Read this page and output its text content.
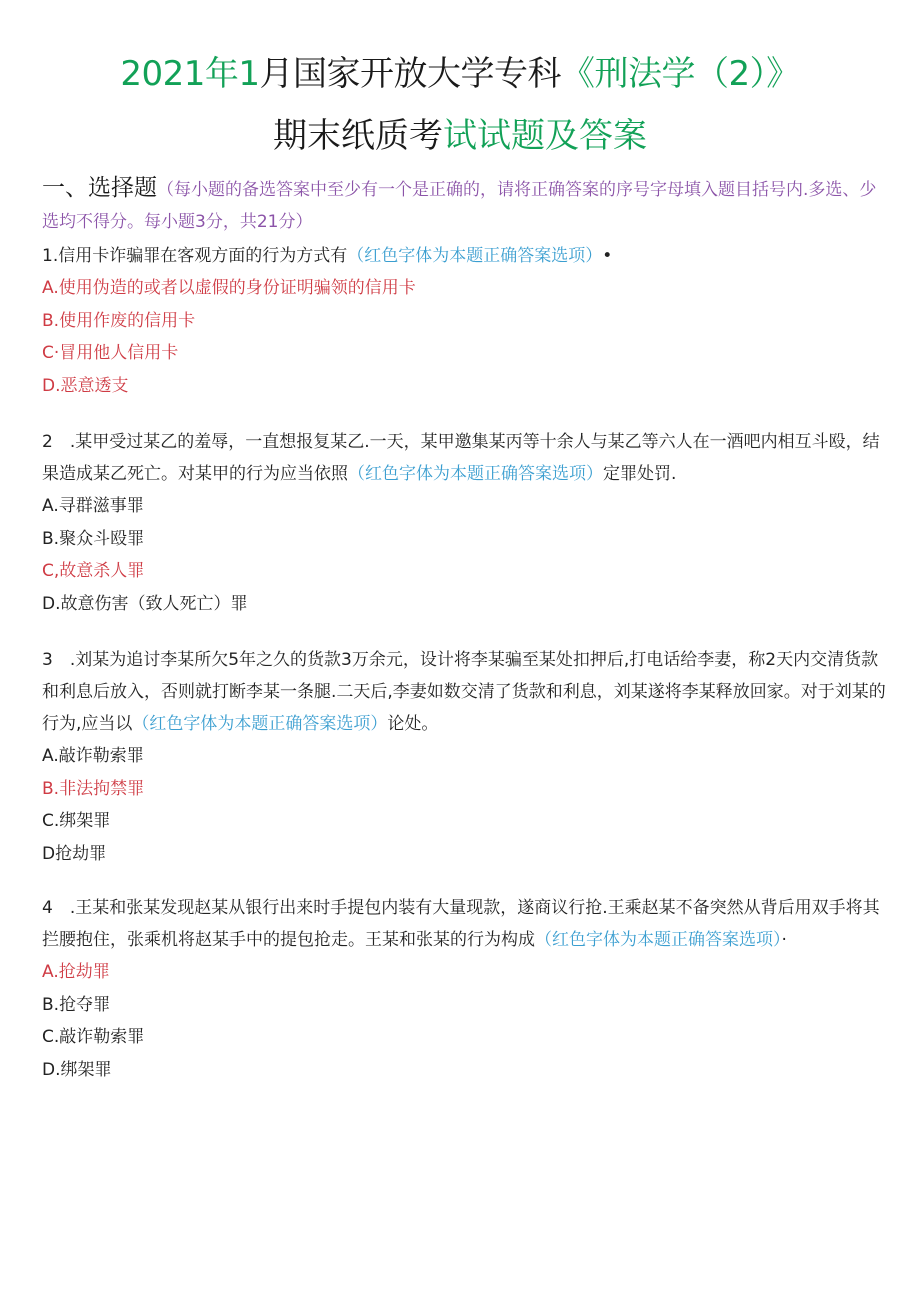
2021年1月国家开放大学专科《刑法学（2）》
期末纸质考试试题及答案
一、选择题（每小题的备选答案中至少有一个是正确的，请将正确答案的序号字母填入题目括号内.多选、少选均不得分。每小题3分，共21分）
1.信用卡诈骗罪在客观方面的行为方式有（红色字体为本题正确答案选项）•
A.使用伪造的或者以虚假的身份证明骗领的信用卡
B.使用作废的信用卡
C·冒用他人信用卡
D.恶意透支
2　.某甲受过某乙的羞辱，一直想报复某乙.一天，某甲邀集某丙等十余人与某乙等六人在一酒吧内相互斗殴，结果造成某乙死亡。对某甲的行为应当依照（红色字体为本题正确答案选项）定罪处罚.
A.寻群滋事罪
B.聚众斗殴罪
C,故意杀人罪
D.故意伤害（致人死亡）罪
3　.刘某为追讨李某所欠5年之久的货款3万余元，设计将李某骗至某处扣押后,打电话给李妻，称2天内交清货款和利息后放入，否则就打断李某一条腿.二天后,李妻如数交清了货款和利息，刘某遂将李某释放回家。对于刘某的行为,应当以（红色字体为本题正确答案选项）论处。
A.敲诈勒索罪
B.非法拘禁罪
C.绑架罪
D抢劫罪
4　.王某和张某发现赵某从银行出来时手提包内装有大量现款，遂商议行抢.王乘赵某不备突然从背后用双手将其拦腰抱住，张乘机将赵某手中的提包抢走。王某和张某的行为构成（红色字体为本题正确答案选项）·
A.抢劫罪
B.抢夺罪
C.敲诈勒索罪
D.绑架罪
